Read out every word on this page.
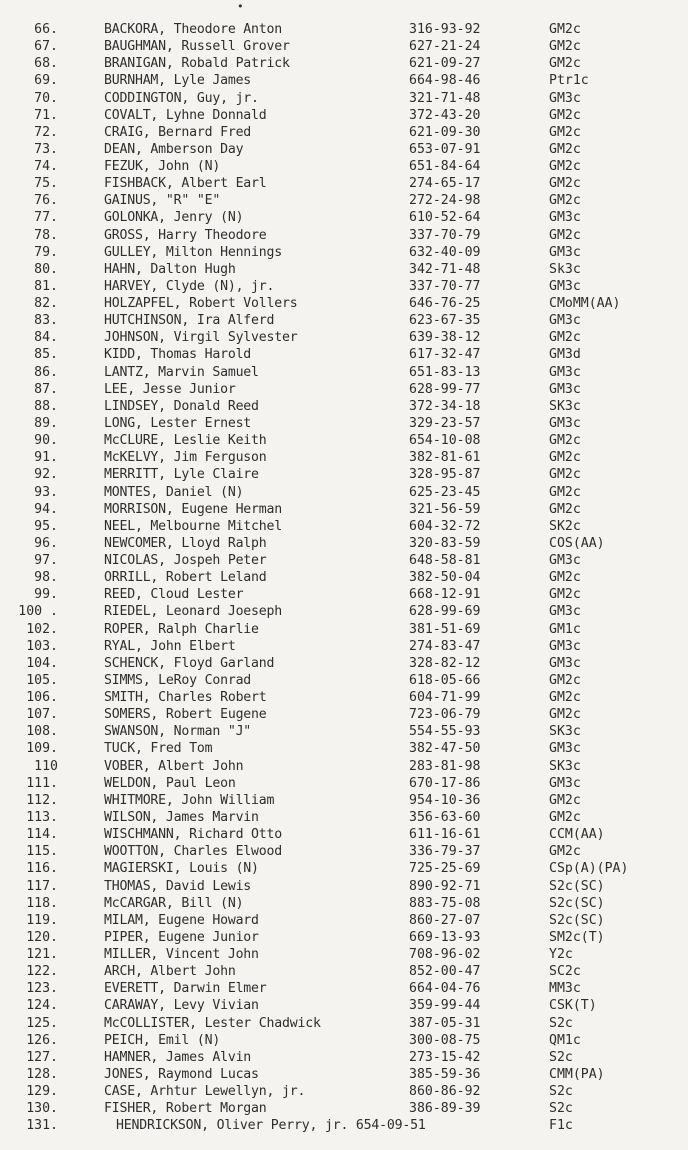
•
66.	BACKORA, Theodore Anton	316-93-92	GM2c
67.	BAUGHMAN, Russell Grover	627-21-24	GM2c
68.	BRANIGAN, Robald Patrick	621-09-27	GM2c
69.	BURNHAM, Lyle James	664-98-46	Ptr1c
70.	CODDINGTON, Guy, jr.	321-71-48	GM3c
71.	COVALT, Lyhne Donnald	372-43-20	GM2c
72.	CRAIG, Bernard Fred	621-09-30	GM2c
73.	DEAN, Amberson Day	653-07-91	GM2c
74.	FEZUK, John (N)	651-84-64	GM2c
75.	FISHBACK, Albert Earl	274-65-17	GM2c
76.	GAINUS, "R" "E"	272-24-98	GM2c
77.	GOLONKA, Jenry (N)	610-52-64	GM3c
78.	GROSS, Harry Theodore	337-70-79	GM2c
79.	GULLEY, Milton Hennings	632-40-09	GM3c
80.	HAHN, Dalton Hugh	342-71-48	Sk3c
81.	HARVEY, Clyde (N), jr.	337-70-77	GM3c
82.	HOLZAPFEL, Robert Vollers	646-76-25	CMoMM(AA)
83.	HUTCHINSON, Ira Alferd	623-67-35	GM3c
84.	JOHNSON, Virgil Sylvester	639-38-12	GM2c
85.	KIDD, Thomas Harold	617-32-47	GM3d
86.	LANTZ, Marvin Samuel	651-83-13	GM3c
87.	LEE, Jesse Junior	628-99-77	GM3c
88.	LINDSEY, Donald Reed	372-34-18	SK3c
89.	LONG, Lester Ernest	329-23-57	GM3c
90.	McCLURE, Leslie Keith	654-10-08	GM2c
91.	McKELVY, Jim Ferguson	382-81-61	GM2c
92.	MERRITT, Lyle Claire	328-95-87	GM2c
93.	MONTES, Daniel (N)	625-23-45	GM2c
94.	MORRISON, Eugene Herman	321-56-59	GM2c
95.	NEEL, Melbourne Mitchel	604-32-72	SK2c
96.	NEWCOMER, Lloyd Ralph	320-83-59	COS(AA)
97.	NICOLAS, Jospeh Peter	648-58-81	GM3c
98.	ORRILL, Robert Leland	382-50-04	GM2c
99.	REED, Cloud Lester	668-12-91	GM2c
100 .	RIEDEL, Leonard Joeseph	628-99-69	GM3c
102.	ROPER, Ralph Charlie	381-51-69	GM1c
103.	RYAL, John Elbert	274-83-47	GM3c
104.	SCHENCK, Floyd Garland	328-82-12	GM3c
105.	SIMMS, LeRoy Conrad	618-05-66	GM2c
106.	SMITH, Charles Robert	604-71-99	GM2c
107.	SOMERS, Robert Eugene	723-06-79	GM2c
108.	SWANSON, Norman "J"	554-55-93	SK3c
109.	TUCK, Fred Tom	382-47-50	GM3c
110	VOBER, Albert John	283-81-98	SK3c
111.	WELDON, Paul Leon	670-17-86	GM3c
112.	WHITMORE, John William	954-10-36	GM2c
113.	WILSON, James Marvin	356-63-60	GM2c
114.	WISCHMANN, Richard Otto	611-16-61	CCM(AA)
115.	WOOTTON, Charles Elwood	336-79-37	GM2c
116.	MAGIERSKI, Louis (N)	725-25-69	CSp(A)(PA)
117.	THOMAS, David Lewis	890-92-71	S2c(SC)
118.	McCARGAR, Bill (N)	883-75-08	S2c(SC)
119.	MILAM, Eugene Howard	860-27-07	S2c(SC)
120.	PIPER, Eugene Junior	669-13-93	SM2c(T)
121.	MILLER, Vincent John	708-96-02	Y2c
122.	ARCH, Albert John	852-00-47	SC2c
123.	EVERETT, Darwin Elmer	664-04-76	MM3c
124.	CARAWAY, Levy Vivian	359-99-44	CSK(T)
125.	McCOLLISTER, Lester Chadwick	387-05-31	S2c
126.	PEICH, Emil (N)	300-08-75	QM1c
127.	HAMNER, James Alvin	273-15-42	S2c
128.	JONES, Raymond Lucas	385-59-36	CMM(PA)
129.	CASE, Arhtur Lewellyn, jr.	860-86-92	S2c
130.	FISHER, Robert Morgan	386-89-39	S2c
131.	HENDRICKSON, Oliver Perry, jr. 654-09-51	F1c
